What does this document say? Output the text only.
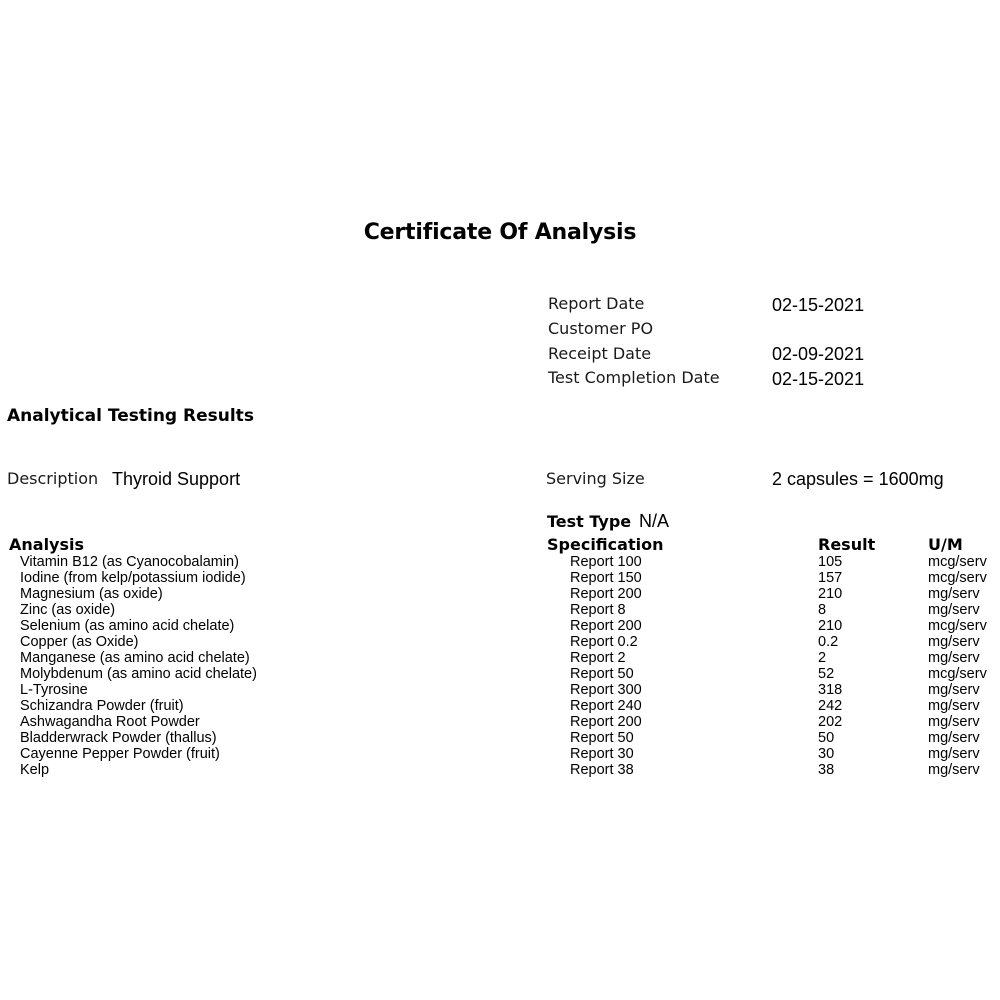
Certificate Of Analysis
Report Date	02-15-2021
Customer PO
Receipt Date	02-09-2021
Test Completion Date	02-15-2021
Analytical Testing Results
Description Thyroid Support	Serving Size	2 capsules = 1600mg
Test Type N/A
Analysis	Specification	Result	U/M
Vitamin B12 (as Cyanocobalamin)	Report 100	105	mcg/serv
Iodine (from kelp/potassium iodide)	Report 150	157	mcg/serv
Magnesium (as oxide)	Report 200	210	mg/serv
Zinc (as oxide)	Report 8	8	mg/serv
Selenium (as amino acid chelate)	Report 200	210	mcg/serv
Copper (as Oxide)	Report 0.2	0.2	mg/serv
Manganese (as amino acid chelate)	Report 2	2	mg/serv
Molybdenum (as amino acid chelate)	Report 50	52	mcg/serv
L-Tyrosine	Report 300	318	mg/serv
Schizandra Powder (fruit)	Report 240	242	mg/serv
Ashwagandha Root Powder	Report 200	202	mg/serv
Bladderwrack Powder (thallus)	Report 50	50	mg/serv
Cayenne Pepper Powder (fruit)	Report 30	30	mg/serv
Kelp	Report 38	38	mg/serv
